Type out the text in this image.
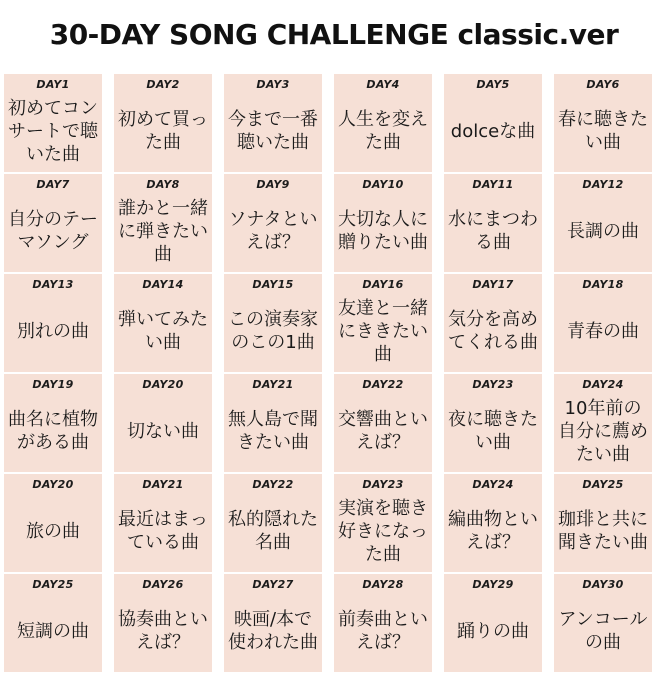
30-DAY SONG CHALLENGE classic.ver
DAY1
初めてコンサートで聴いた曲
DAY2
初めて買った曲
DAY3
今まで一番聴いた曲
DAY4
人生を変えた曲
DAY5
dolceな曲
DAY6
春に聴きたい曲
DAY7
自分のテーマソング
DAY8
誰かと一緒に弾きたい曲
DAY9
ソナタといえば？
DAY10
大切な人に贈りたい曲
DAY11
水にまつわる曲
DAY12
長調の曲
DAY13
別れの曲
DAY14
弾いてみたい曲
DAY15
この演奏家のこの1曲
DAY16
友達と一緒にききたい曲
DAY17
気分を高めてくれる曲
DAY18
青春の曲
DAY19
曲名に植物がある曲
DAY20
切ない曲
DAY21
無人島で聞きたい曲
DAY22
交響曲といえば？
DAY23
夜に聴きたい曲
DAY24
10年前の自分に薦めたい曲
DAY20
旅の曲
DAY21
最近はまっている曲
DAY22
私的隠れた名曲
DAY23
実演を聴き好きになった曲
DAY24
編曲物といえば？
DAY25
珈琲と共に聞きたい曲
DAY25
短調の曲
DAY26
協奏曲といえば？
DAY27
映画/本で使われた曲
DAY28
前奏曲といえば？
DAY29
踊りの曲
DAY30
アンコールの曲
